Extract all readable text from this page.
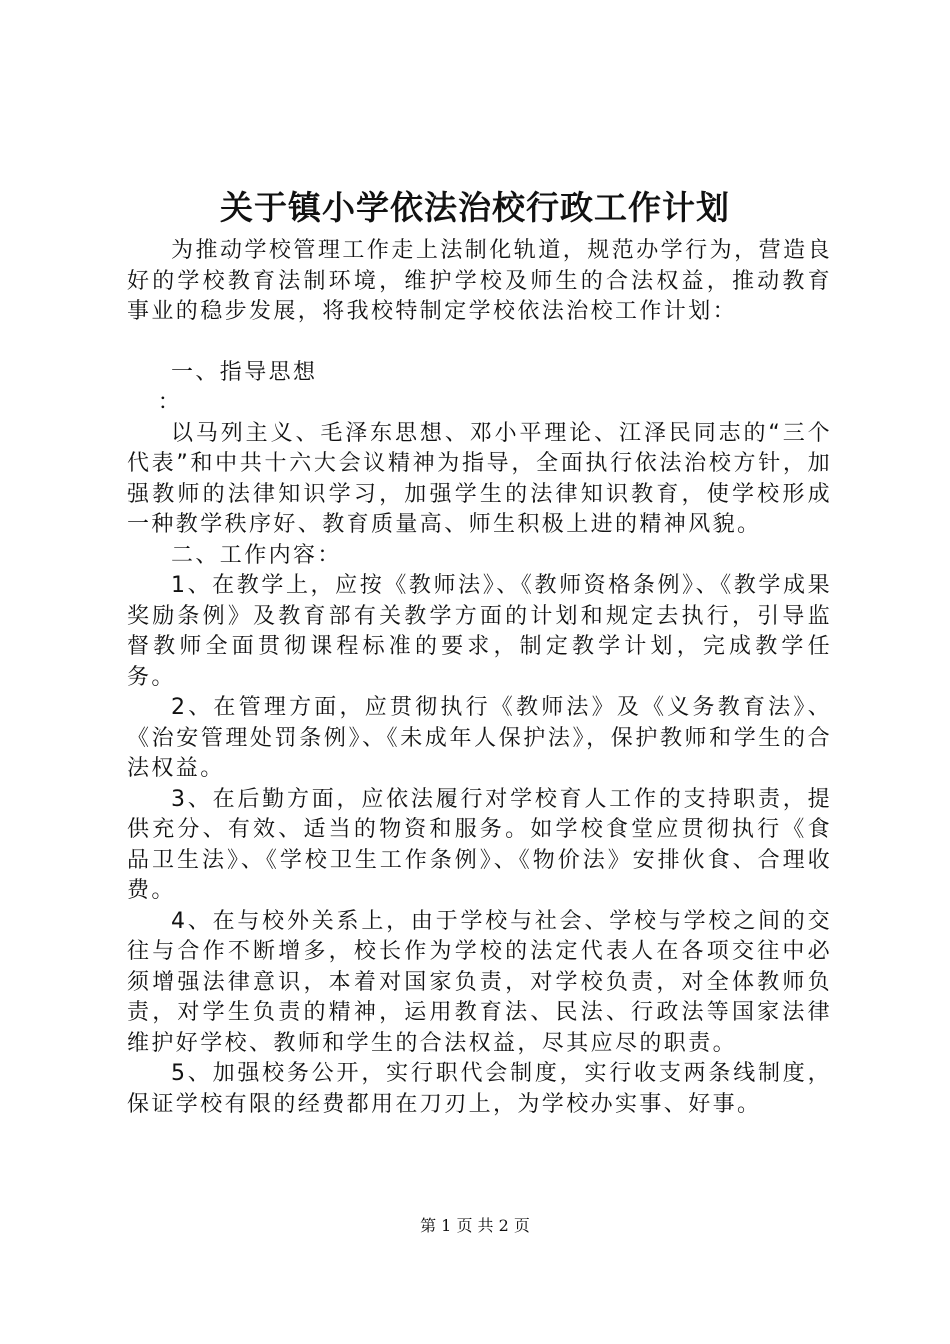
关于镇小学依法治校行政工作计划

为推动学校管理工作走上法制化轨道，规范办学行为，营造良好的学校教育法制环境，维护学校及师生的合法权益，推动教育事业的稳步发展，将我校特制定学校依法治校工作计划：

一、指导思想

：

以马列主义、毛泽东思想、邓小平理论、江泽民同志的“三个代表”和中共十六大会议精神为指导，全面执行依法治校方针，加强教师的法律知识学习，加强学生的法律知识教育，使学校形成一种教学秩序好、教育质量高、师生积极上进的精神风貌。

二、工作内容：

1、在教学上，应按《教师法》、《教师资格条例》、《教学成果奖励条例》及教育部有关教学方面的计划和规定去执行，引导监督教师全面贯彻课程标准的要求，制定教学计划，完成教学任务。

2、在管理方面，应贯彻执行《教师法》及《义务教育法》、《治安管理处罚条例》、《未成年人保护法》，保护教师和学生的合法权益。

3、在后勤方面，应依法履行对学校育人工作的支持职责，提供充分、有效、适当的物资和服务。如学校食堂应贯彻执行《食品卫生法》、《学校卫生工作条例》、《物价法》安排伙食、合理收费。

4、在与校外关系上，由于学校与社会、学校与学校之间的交往与合作不断增多，校长作为学校的法定代表人在各项交往中必须增强法律意识，本着对国家负责，对学校负责，对全体教师负责，对学生负责的精神，运用教育法、民法、行政法等国家法律维护好学校、教师和学生的合法权益，尽其应尽的职责。

5、加强校务公开，实行职代会制度，实行收支两条线制度，保证学校有限的经费都用在刀刃上，为学校办实事、好事。

第 1 页 共 2 页
